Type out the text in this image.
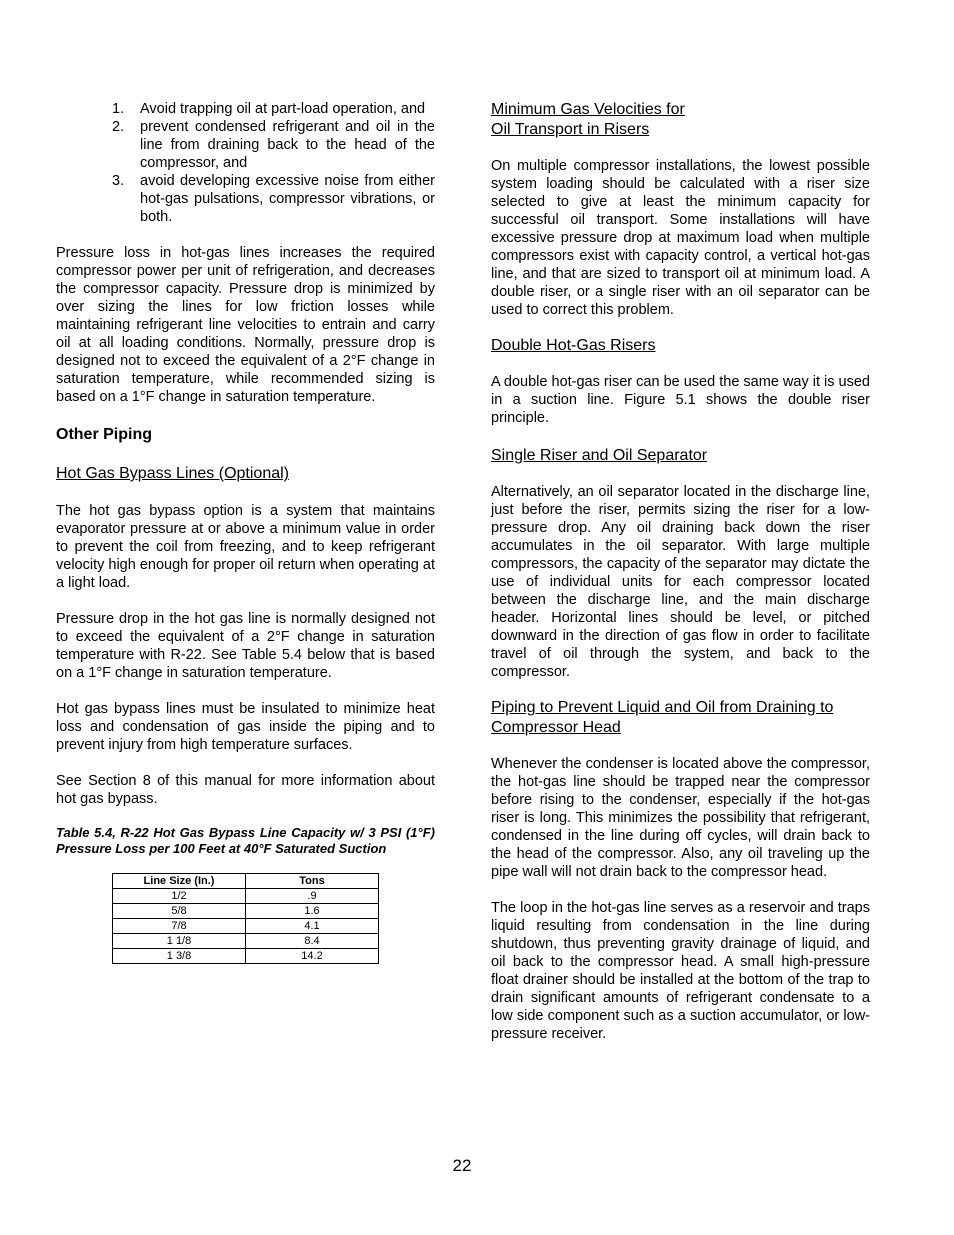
1. Avoid trapping oil at part-load operation, and
2. prevent condensed refrigerant and oil in the line from draining back to the head of the compressor, and
3. avoid developing excessive noise from either hot-gas pulsations, compressor vibrations, or both.

Pressure loss in hot-gas lines increases the required compressor power per unit of refrigeration, and decreases the compressor capacity. Pressure drop is minimized by over sizing the lines for low friction losses while maintaining refrigerant line velocities to entrain and carry oil at all loading conditions. Normally, pressure drop is designed not to exceed the equivalent of a 2°F change in saturation temperature, while recommended sizing is based on a 1°F change in saturation temperature.

Other Piping

Hot Gas Bypass Lines (Optional)

The hot gas bypass option is a system that maintains evaporator pressure at or above a minimum value in order to prevent the coil from freezing, and to keep refrigerant velocity high enough for proper oil return when operating at a light load.

Pressure drop in the hot gas line is normally designed not to exceed the equivalent of a 2°F change in saturation temperature with R-22. See Table 5.4 below that is based on a 1°F change in saturation temperature.

Hot gas bypass lines must be insulated to minimize heat loss and condensation of gas inside the piping and to prevent injury from high temperature surfaces.

See Section 8 of this manual for more information about hot gas bypass.

Table 5.4, R-22 Hot Gas Bypass Line Capacity w/ 3 PSI (1°F) Pressure Loss per 100 Feet at 40°F Saturated Suction

Line Size (In.)	Tons
1/2	.9
5/8	1.6
7/8	4.1
1 1/8	8.4
1 3/8	14.2

Minimum Gas Velocities for
Oil Transport in Risers

On multiple compressor installations, the lowest possible system loading should be calculated with a riser size selected to give at least the minimum capacity for successful oil transport. Some installations will have excessive pressure drop at maximum load when multiple compressors exist with capacity control, a vertical hot-gas line, and that are sized to transport oil at minimum load. A double riser, or a single riser with an oil separator can be used to correct this problem.

Double Hot-Gas Risers

A double hot-gas riser can be used the same way it is used in a suction line. Figure 5.1 shows the double riser principle.

Single Riser and Oil Separator

Alternatively, an oil separator located in the discharge line, just before the riser, permits sizing the riser for a low-pressure drop. Any oil draining back down the riser accumulates in the oil separator. With large multiple compressors, the capacity of the separator may dictate the use of individual units for each compressor located between the discharge line, and the main discharge header. Horizontal lines should be level, or pitched downward in the direction of gas flow in order to facilitate travel of oil through the system, and back to the compressor.

Piping to Prevent Liquid and Oil from Draining to Compressor Head

Whenever the condenser is located above the compressor, the hot-gas line should be trapped near the compressor before rising to the condenser, especially if the hot-gas riser is long. This minimizes the possibility that refrigerant, condensed in the line during off cycles, will drain back to the head of the compressor. Also, any oil traveling up the pipe wall will not drain back to the compressor head.

The loop in the hot-gas line serves as a reservoir and traps liquid resulting from condensation in the line during shutdown, thus preventing gravity drainage of liquid, and oil back to the compressor head. A small high-pressure float drainer should be installed at the bottom of the trap to drain significant amounts of refrigerant condensate to a low side component such as a suction accumulator, or low-pressure receiver.

22
